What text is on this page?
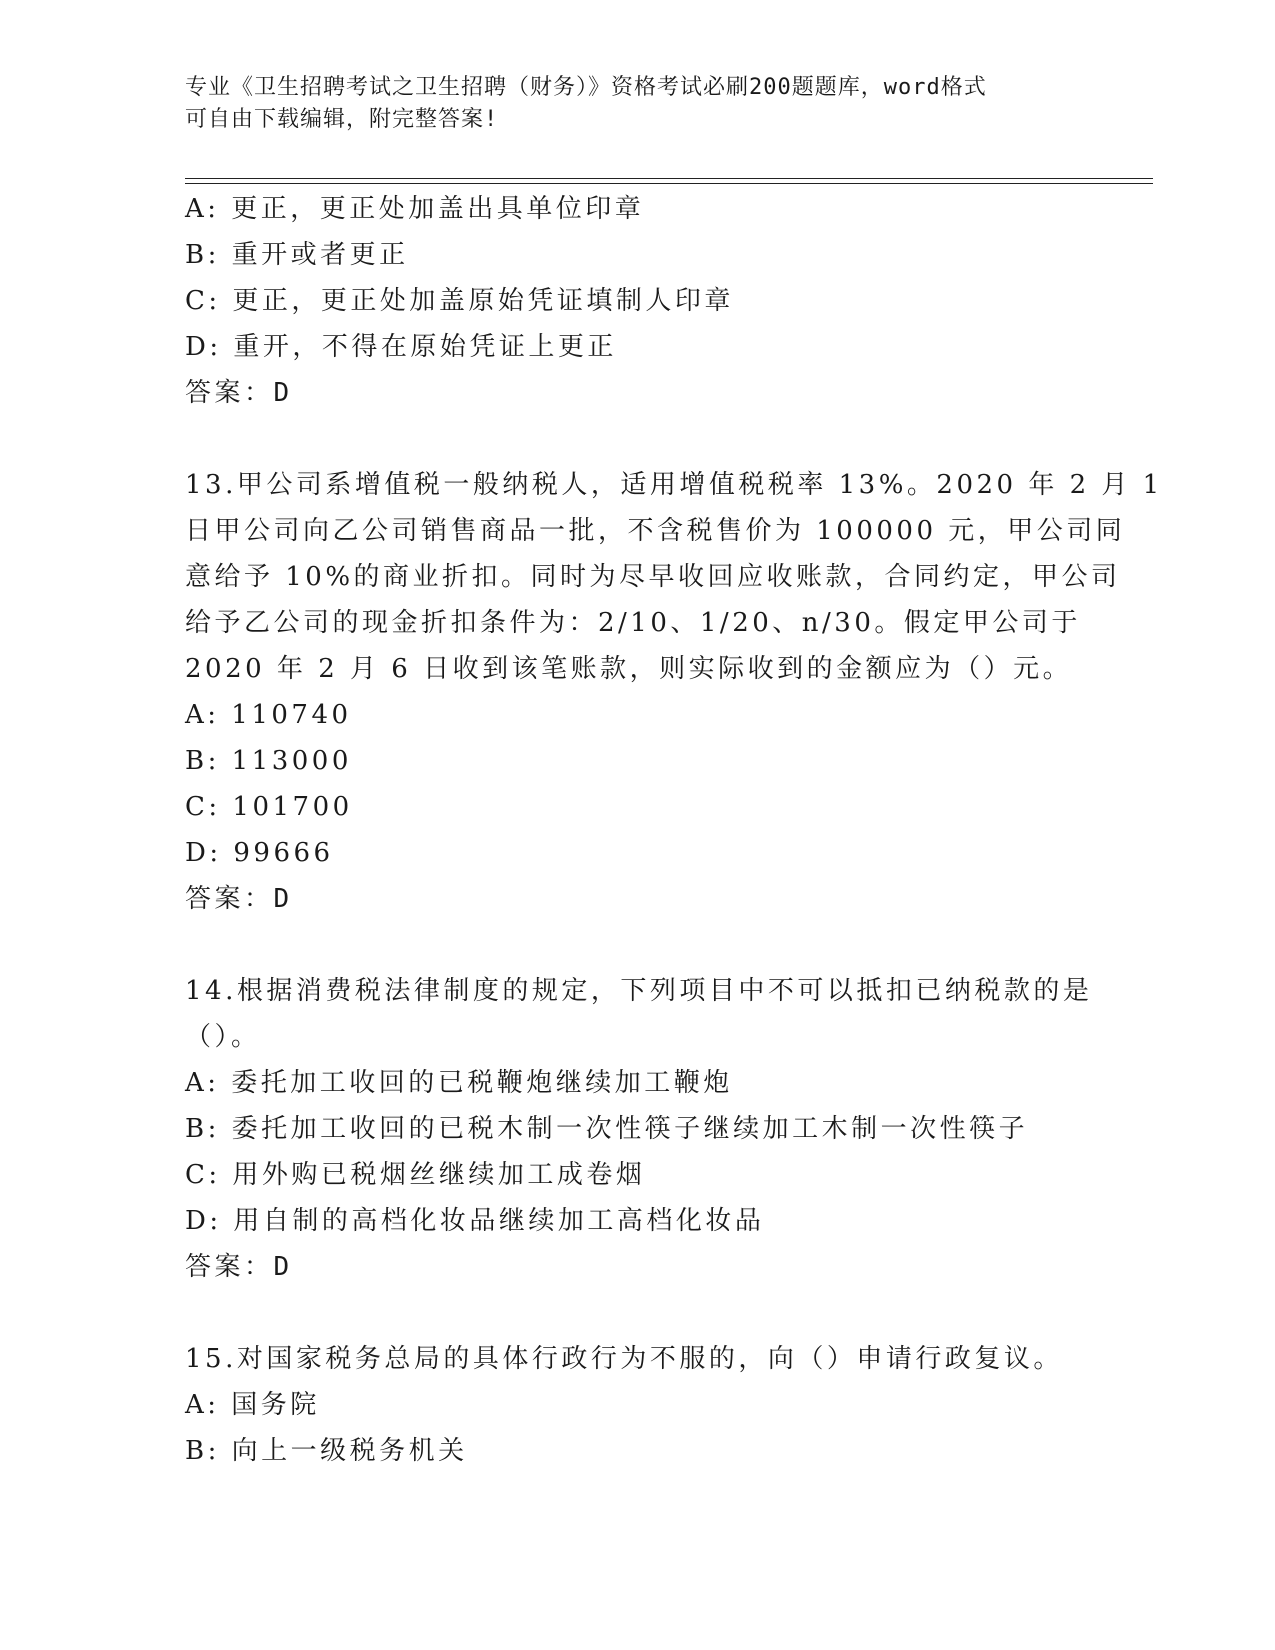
专业《卫生招聘考试之卫生招聘（财务）》资格考试必刷200题题库，word格式
可自由下载编辑，附完整答案!
A: 更正，更正处加盖出具单位印章
B: 重开或者更正
C: 更正，更正处加盖原始凭证填制人印章
D: 重开，不得在原始凭证上更正
答案：D
13.甲公司系增值税一般纳税人，适用增值税税率 13%。2020 年 2 月 1
日甲公司向乙公司销售商品一批，不含税售价为 100000 元，甲公司同
意给予 10%的商业折扣。同时为尽早收回应收账款，合同约定，甲公司
给予乙公司的现金折扣条件为：2/10、1/20、n/30。假定甲公司于
2020 年 2 月 6 日收到该笔账款，则实际收到的金额应为（）元。
A: 110740
B: 113000
C: 101700
D: 99666
答案：D
14.根据消费税法律制度的规定，下列项目中不可以抵扣已纳税款的是
（）。
A: 委托加工收回的已税鞭炮继续加工鞭炮
B: 委托加工收回的已税木制一次性筷子继续加工木制一次性筷子
C: 用外购已税烟丝继续加工成卷烟
D: 用自制的高档化妆品继续加工高档化妆品
答案：D
15.对国家税务总局的具体行政行为不服的，向（）申请行政复议。
A: 国务院
B: 向上一级税务机关
